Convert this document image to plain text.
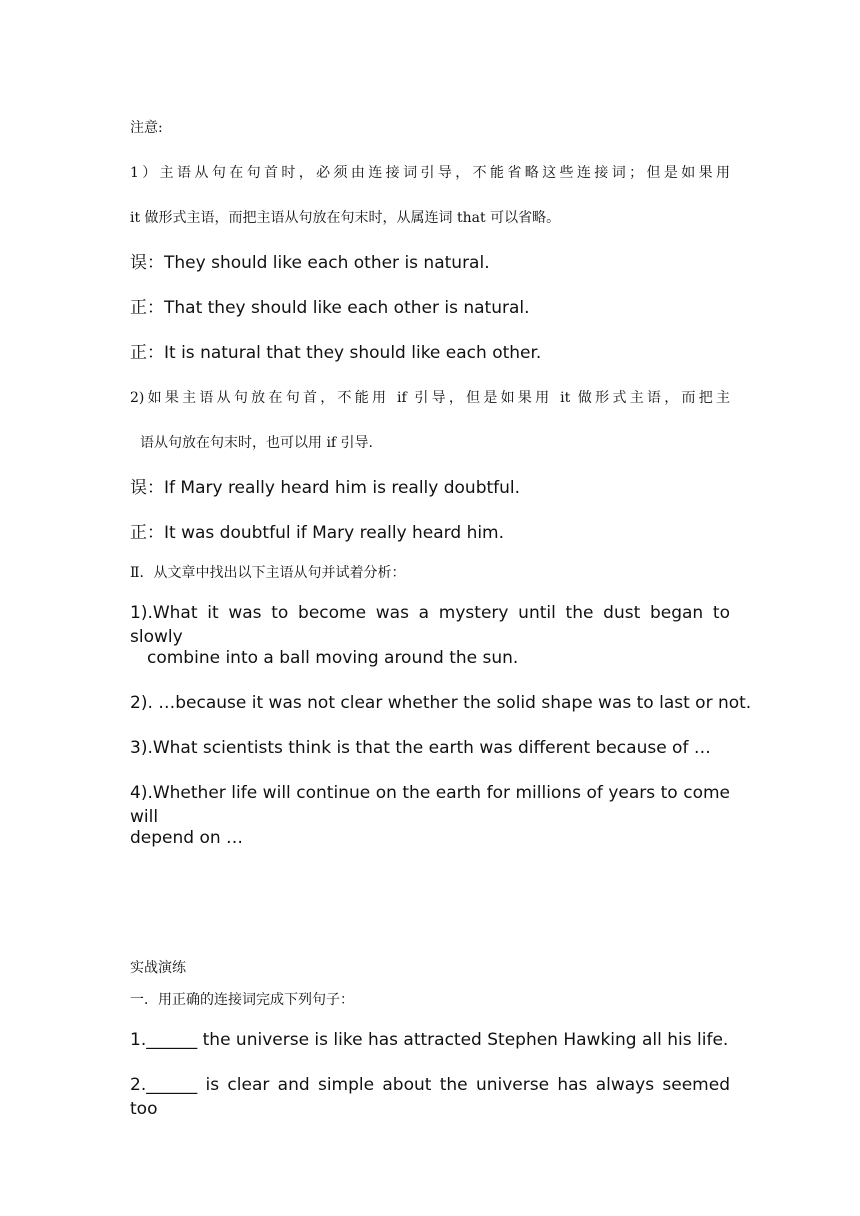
注意:
1）主语从句在句首时，必须由连接词引导，不能省略这些连接词；但是如果用
it 做形式主语，而把主语从句放在句末时，从属连词 that 可以省略。
误：They should like each other is natural.
正：That they should like each other is natural.
正：It is natural that they should like each other.
2)如果主语从句放在句首，不能用 if 引导，但是如果用 it 做形式主语，而把主
语从句放在句末时，也可以用 if 引导.
误：If Mary really heard him is really doubtful.
正：It was doubtful if Mary really heard him.
Ⅱ．从文章中找出以下主语从句并试着分析：
1).What it was to become was a mystery until the dust began to slowly
combine into a ball moving around the sun.
2). …because it was not clear whether the solid shape was to last or not.
3).What scientists think is that the earth was different because of …
4).Whether life will continue on the earth for millions of years to come will
depend on …
实战演练
一．用正确的连接词完成下列句子：
1.______ the universe is like has attracted Stephen Hawking all his life.
2.______ is clear and simple about the universe has always seemed too
